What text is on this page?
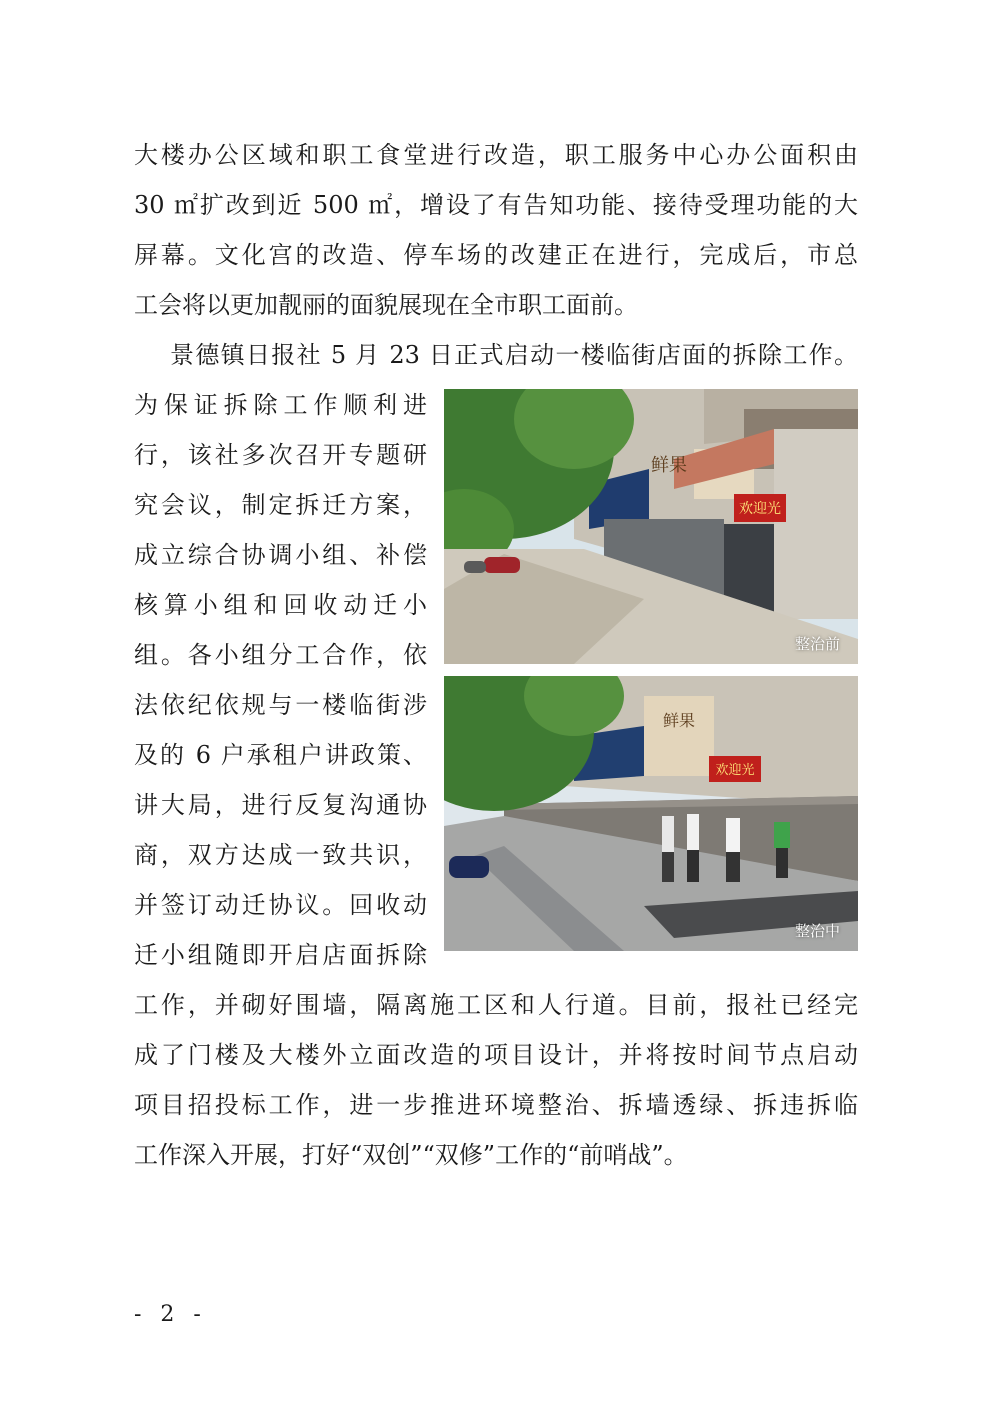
大楼办公区域和职工食堂进行改造，职工服务中心办公面积由
30 ㎡扩改到近 500 ㎡，增设了有告知功能、接待受理功能的大
屏幕。文化宫的改造、停车场的改建正在进行，完成后，市总
工会将以更加靓丽的面貌展现在全市职工面前。
景德镇日报社 5 月 23 日正式启动一楼临街店面的拆除工作。
为保证拆除工作顺利进
行，该社多次召开专题研
究会议，制定拆迁方案，
成立综合协调小组、补偿
核算小组和回收动迁小
组。各小组分工合作，依
法依纪依规与一楼临街涉
及的 6 户承租户讲政策、
讲大局，进行反复沟通协
商，双方达成一致共识，
并签订动迁协议。回收动
迁小组随即开启店面拆除
工作，并砌好围墙，隔离施工区和人行道。目前，报社已经完
成了门楼及大楼外立面改造的项目设计，并将按时间节点启动
项目招投标工作，进一步推进环境整治、拆墙透绿、拆违拆临
工作深入开展，打好“双创”“双修”工作的“前哨战”。
欢迎光
鲜果
整治前
欢迎光
鲜果
整治中
- 2 -
